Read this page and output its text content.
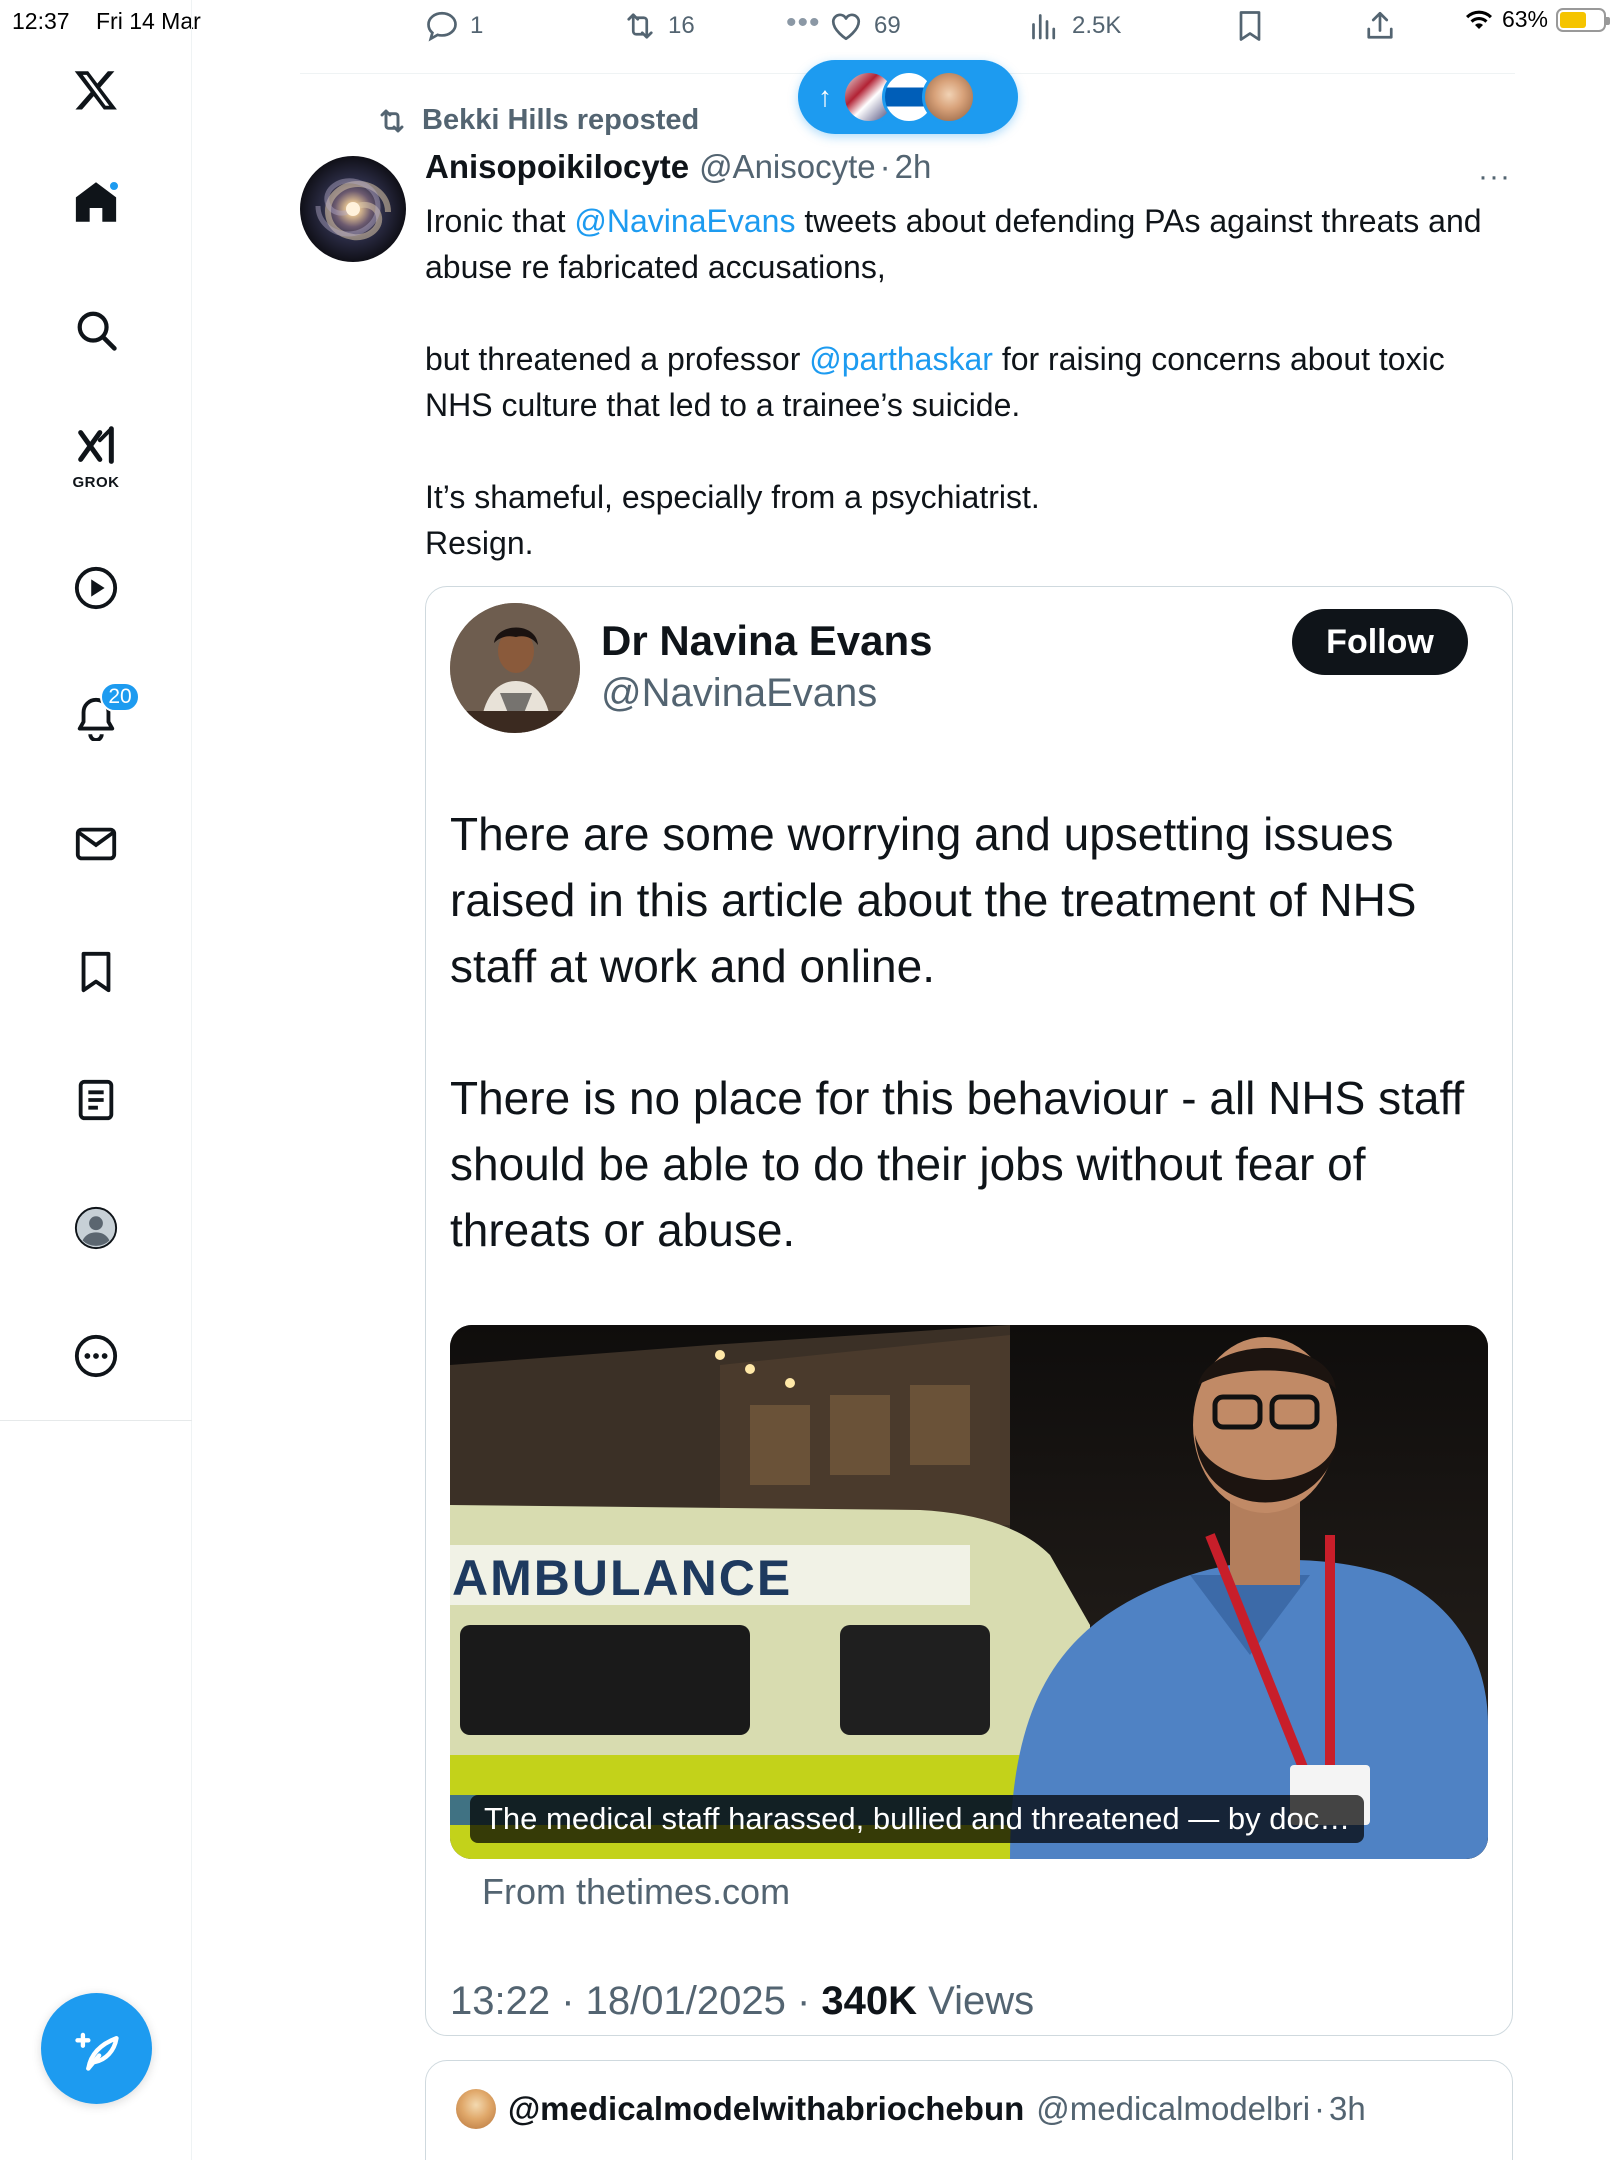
12:37 Fri 14 Mar	63%
GROK
20
1	16	••• 69	2.5K
↑
Bekki Hills reposted
Anisopoikilocyte @Anisocyte · 2h	···

Ironic that @NavinaEvans tweets about defending PAs against threats and abuse re fabricated accusations,

but threatened a professor @parthaskar for raising concerns about toxic NHS culture that led to a trainee’s suicide.

It’s shameful, especially from a psychiatrist.
Resign.

Dr Navina Evans
@NavinaEvans
Follow

There are some worrying and upsetting issues raised in this article about the treatment of NHS staff at work and online.

There is no place for this behaviour - all NHS staff should be able to do their jobs without fear of threats or abuse.

AMBULANCE
The medical staff harassed, bullied and threatened — by doc…
From thetimes.com
13:22 · 18/01/2025 · 340K Views
@medicalmodelwithabriochebun @medicalmodelbri · 3h
